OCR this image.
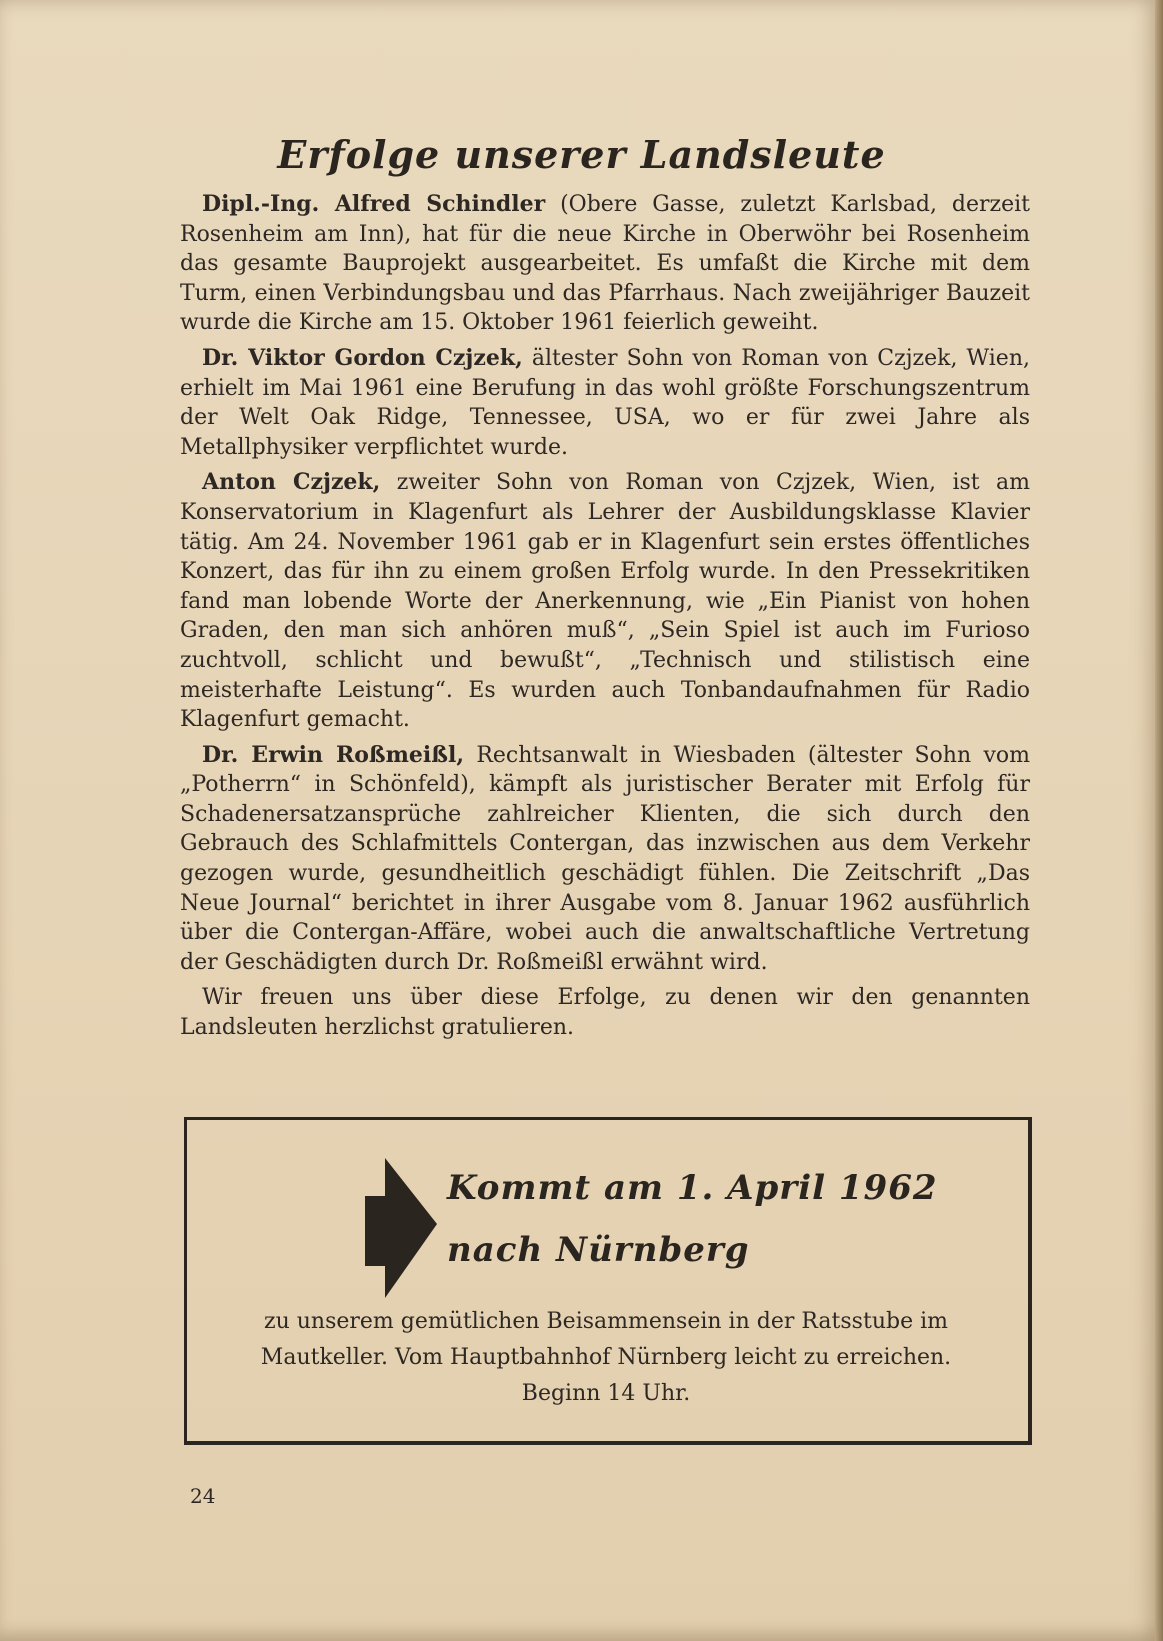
Erfolge unserer Landsleute

Dipl.-Ing. Alfred Schindler (Obere Gasse, zuletzt Karlsbad, derzeit Rosenheim am Inn), hat für die neue Kirche in Oberwöhr bei Rosenheim das gesamte Bauprojekt ausgearbeitet. Es umfaßt die Kirche mit dem Turm, einen Verbindungsbau und das Pfarrhaus. Nach zweijähriger Bauzeit wurde die Kirche am 15. Oktober 1961 feierlich geweiht.

Dr. Viktor Gordon Czjzek, ältester Sohn von Roman von Czjzek, Wien, erhielt im Mai 1961 eine Berufung in das wohl größte Forschungszentrum der Welt Oak Ridge, Tennessee, USA, wo er für zwei Jahre als Metallphysiker verpflichtet wurde.

Anton Czjzek, zweiter Sohn von Roman von Czjzek, Wien, ist am Konservatorium in Klagenfurt als Lehrer der Ausbildungsklasse Klavier tätig. Am 24. November 1961 gab er in Klagenfurt sein erstes öffentliches Konzert, das für ihn zu einem großen Erfolg wurde. In den Pressekritiken fand man lobende Worte der Anerkennung, wie „Ein Pianist von hohen Graden, den man sich anhören muß“, „Sein Spiel ist auch im Furioso zuchtvoll, schlicht und bewußt“, „Technisch und stilistisch eine meisterhafte Leistung“. Es wurden auch Tonbandaufnahmen für Radio Klagenfurt gemacht.

Dr. Erwin Roßmeißl, Rechtsanwalt in Wiesbaden (ältester Sohn vom „Potherrn“ in Schönfeld), kämpft als juristischer Berater mit Erfolg für Schadenersatzansprüche zahlreicher Klienten, die sich durch den Gebrauch des Schlafmittels Contergan, das inzwischen aus dem Verkehr gezogen wurde, gesundheitlich geschädigt fühlen. Die Zeitschrift „Das Neue Journal“ berichtet in ihrer Ausgabe vom 8. Januar 1962 ausführlich über die Contergan-Affäre, wobei auch die anwaltschaftliche Vertretung der Geschädigten durch Dr. Roßmeißl erwähnt wird.

Wir freuen uns über diese Erfolge, zu denen wir den genannten Landsleuten herzlichst gratulieren.

Kommt am 1. April 1962
nach Nürnberg
zu unserem gemütlichen Beisammensein in der Ratsstube im
Mautkeller. Vom Hauptbahnhof Nürnberg leicht zu erreichen.
Beginn 14 Uhr.
24
